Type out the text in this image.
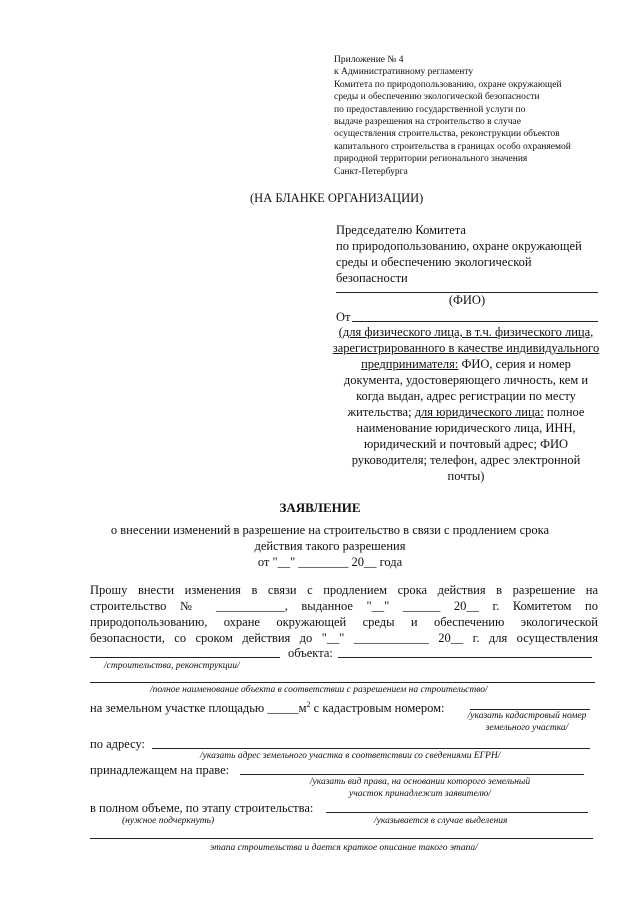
Приложение № 4
к Административному регламенту
Комитета по природопользованию, охране окружающей
среды и обеспечению экологической безопасности
по предоставлению государственной услуги по
выдаче разрешения на строительство в случае
осуществления строительства, реконструкции объектов
капитального строительства в границах особо охраняемой
природной территории регионального значения
Санкт-Петербурга
(НА БЛАНКЕ ОРГАНИЗАЦИИ)
Председателю Комитета
по природопользованию, охране окружающей
среды и обеспечению экологической
безопасности
(ФИО)
От
(для физического лица, в т.ч. физического лица, зарегистрированного в качестве индивидуального предпринимателя: ФИО, серия и номер документа, удостоверяющего личность, кем и когда выдан, адрес регистрации по месту жительства; для юридического лица: полное наименование юридического лица, ИНН, юридический и почтовый адрес; ФИО руководителя; телефон, адрес электронной почты)
ЗАЯВЛЕНИЕ
о внесении изменений в разрешение на строительство в связи с продлением срока
действия такого разрешения
от "__" ________ 20__ года
Прошу внести изменения в связи с продлением срока действия в разрешение на
строительство № ___________, выданное "__" ______ 20__ г. Комитетом по
природопользованию, охране окружающей среды и обеспечению экологической
безопасности, со сроком действия до "__" ____________ 20__ г. для осуществления
объекта:
/строительства, реконструкции/
/полное наименование объекта в соответствии с разрешением на строительство/
на земельном участке площадью $\_\_\_\_\_м^2$ с кадастровым номером:
/указать кадастровый номер
земельного участка/
по адресу:
/указать адрес земельного участка в соответствии со сведениями ЕГРН/
принадлежащем на праве:
/указать вид права, на основании которого земельный
участок принадлежит заявителю/
в полном объеме, по этапу строительства:
(нужное подчеркнуть)	/указывается в случае выделения
этапа строительства и дается краткое описание такого этапа/
